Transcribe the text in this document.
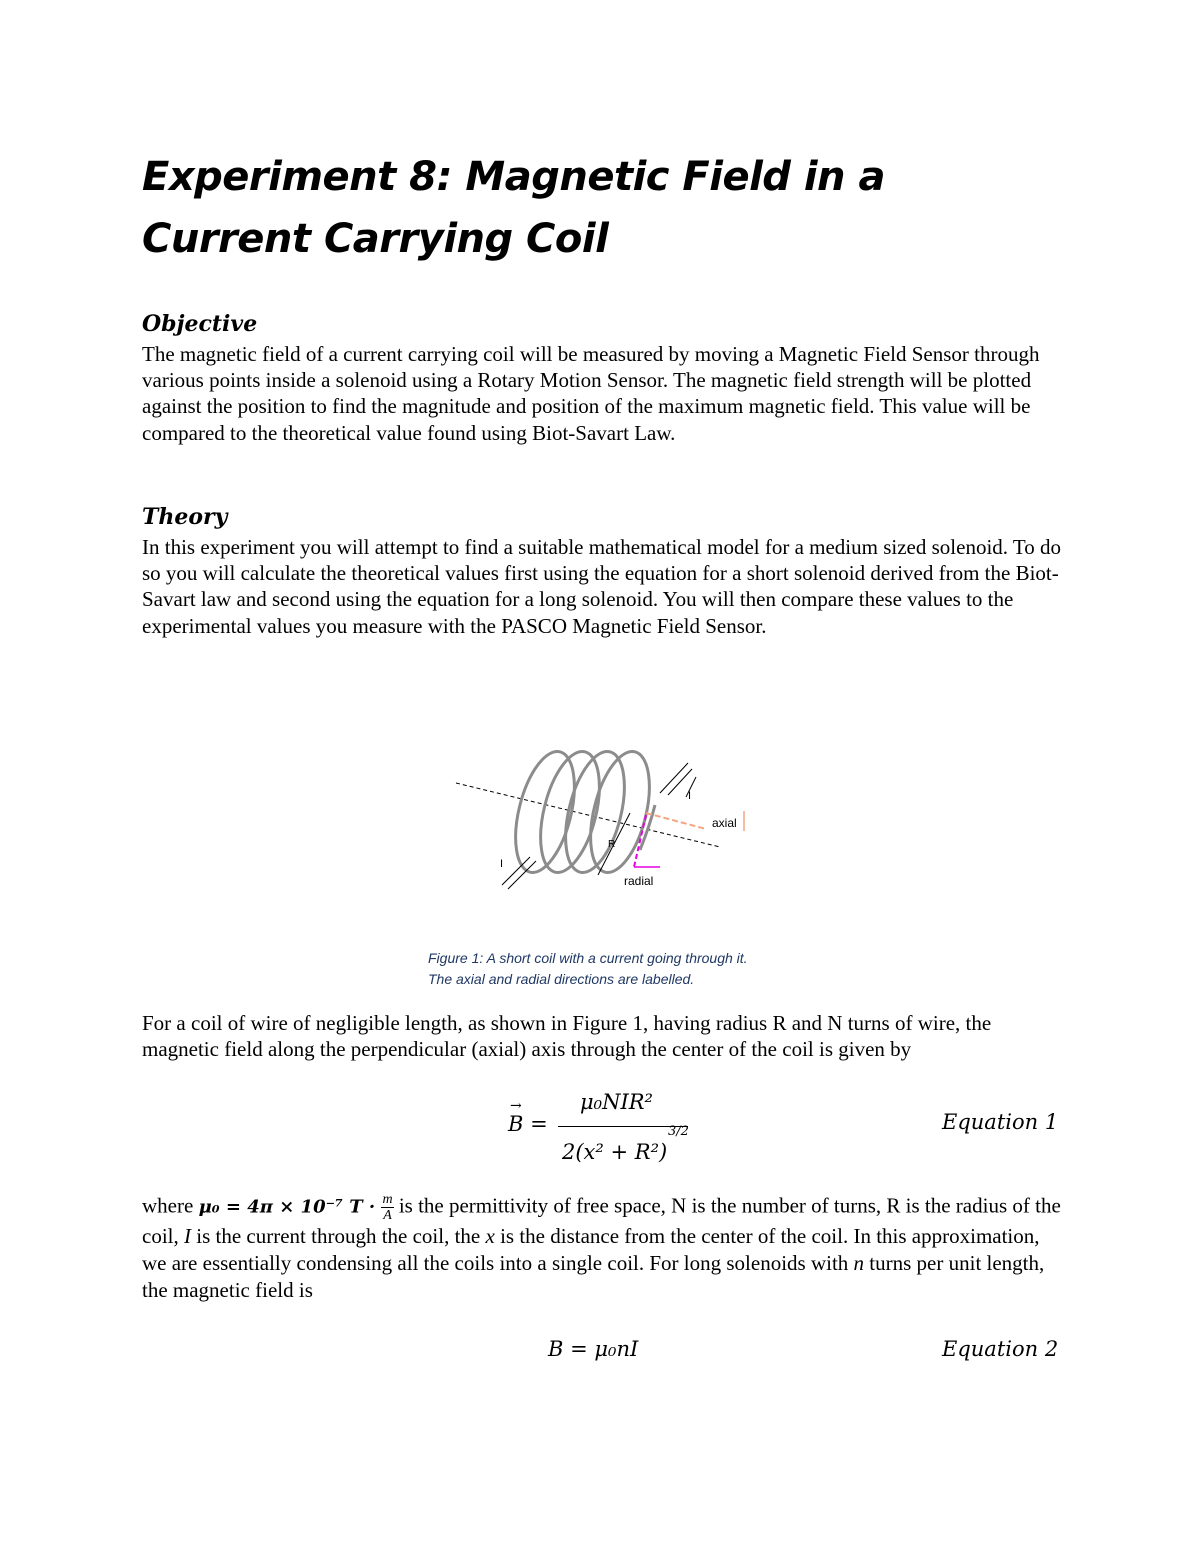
Experiment 8: Magnetic Field in a Current Carrying Coil
Objective

The magnetic field of a current carrying coil will be measured by moving a Magnetic Field Sensor through various points inside a solenoid using a Rotary Motion Sensor. The magnetic field strength will be plotted against the position to find the magnitude and position of the maximum magnetic field. This value will be compared to the theoretical value found using Biot-Savart Law.

Theory

In this experiment you will attempt to find a suitable mathematical model for a medium sized solenoid. To do so you will calculate the theoretical values first using the equation for a short solenoid derived from the Biot-Savart law and second using the equation for a long solenoid. You will then compare these values to the experimental values you measure with the PASCO Magnetic Field Sensor.

I
I
R
axial
radial
Figure 1: A short coil with a current going through it.
The axial and radial directions are labelled.

For a coil of wire of negligible length, as shown in Figure 1, having radius R and N turns of wire, the magnetic field along the perpendicular (axial) axis through the center of the coil is given by

→
B =
μ₀NIR²
2(x² + R²)
3/2	Equation 1

where μ₀ = 4π × 10⁻⁷ $T \cdot \frac{m}{A}$ is the permittivity of free space, N is the number of turns, R is the radius of the coil, I is the current through the coil, the x is the distance from the center of the coil. In this approximation, we are essentially condensing all the coils into a single coil. For long solenoids with n turns per unit length, the magnetic field is

B = μ₀nI	Equation 2
